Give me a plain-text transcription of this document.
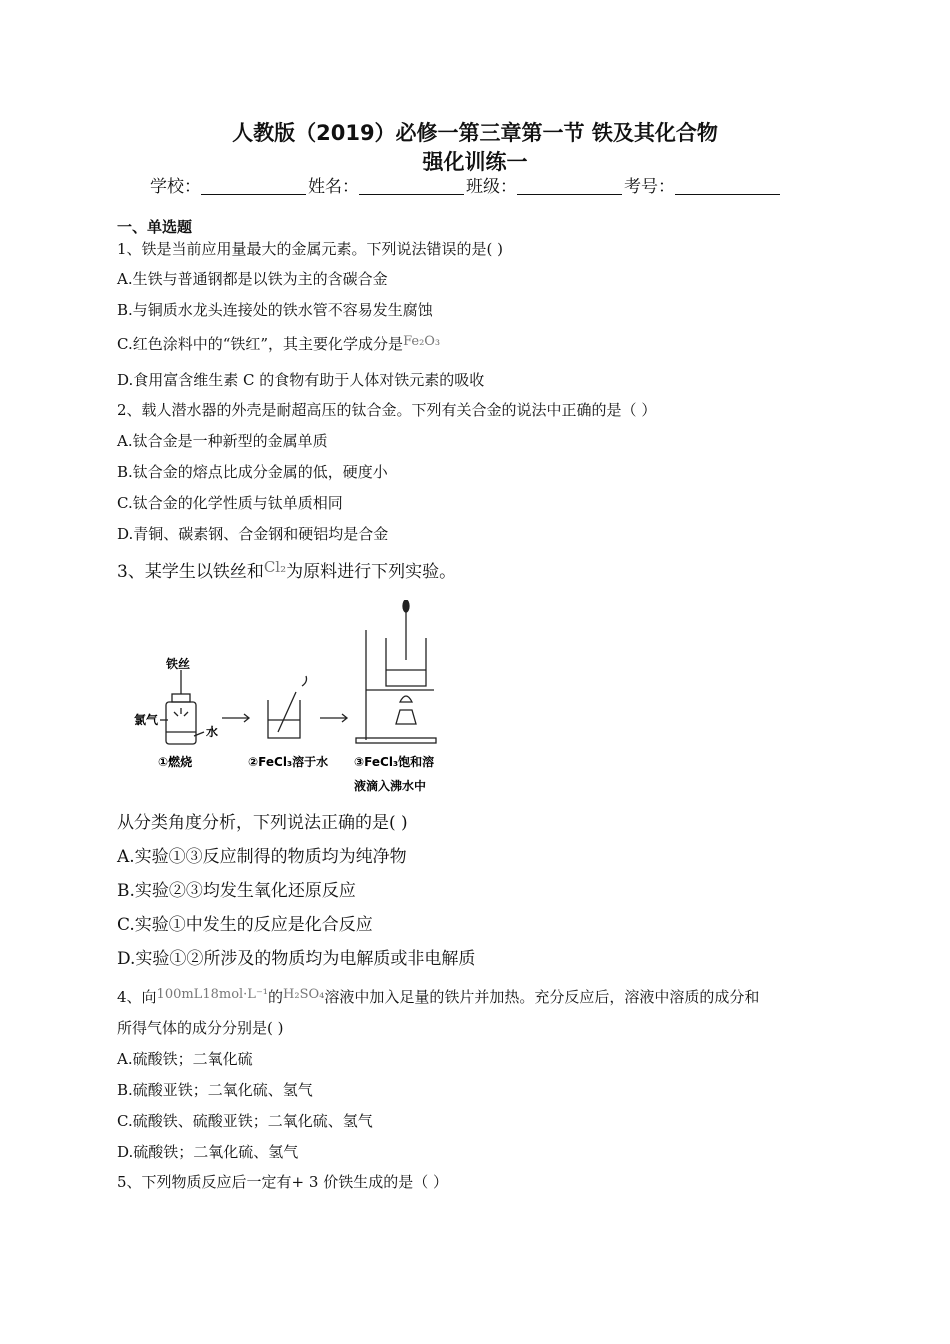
人教版（2019）必修一第三章第一节 铁及其化合物
强化训练一
学校：	姓名：	班级：	考号：
一、单选题
1、铁是当前应用量最大的金属元素。下列说法错误的是( )
A.生铁与普通钢都是以铁为主的含碳合金
B.与铜质水龙头连接处的铁水管不容易发生腐蚀
C.红色涂料中的“铁红”，其主要化学成分是Fe₂O₃
D.食用富含维生素 C 的食物有助于人体对铁元素的吸收
2、载人潜水器的外壳是耐超高压的钛合金。下列有关合金的说法中正确的是（ ）
A.钛合金是一种新型的金属单质
B.钛合金的熔点比成分金属的低，硬度小
C.钛合金的化学性质与钛单质相同
D.青铜、碳素钢、合金钢和硬铝均是合金
3、某学生以铁丝和Cl₂为原料进行下列实验。
铁丝
氯气
水
①燃烧	②FeCl₃溶于水 ③FeCl₃饱和溶
液滴入沸水中
从分类角度分析，下列说法正确的是( )
A.实验①③反应制得的物质均为纯净物
B.实验②③均发生氧化还原反应
C.实验①中发生的反应是化合反应
D.实验①②所涉及的物质均为电解质或非电解质
4、向100mL18mol·L⁻¹的H₂SO₄溶液中加入足量的铁片并加热。充分反应后，溶液中溶质的成分和
所得气体的成分分别是( )
A.硫酸铁；二氧化硫
B.硫酸亚铁；二氧化硫、氢气
C.硫酸铁、硫酸亚铁；二氧化硫、氢气
D.硫酸铁；二氧化硫、氢气
5、下列物质反应后一定有+ 3 价铁生成的是（ ）
